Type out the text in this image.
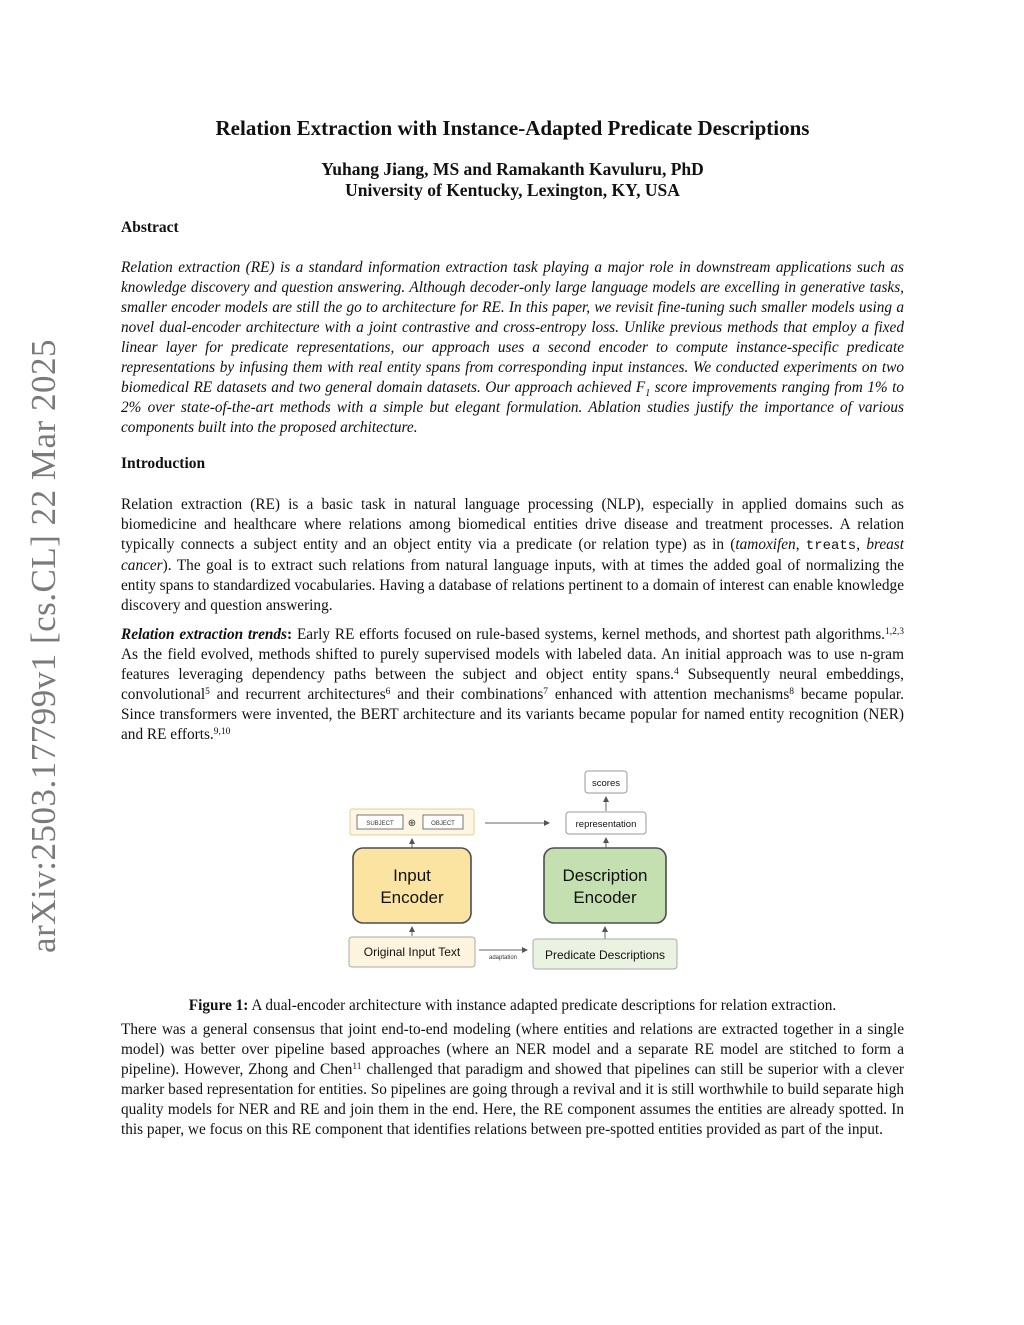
arXiv:2503.17799v1 [cs.CL] 22 Mar 2025
Relation Extraction with Instance-Adapted Predicate Descriptions
Yuhang Jiang, MS and Ramakanth Kavuluru, PhD
University of Kentucky, Lexington, KY, USA
Abstract
Relation extraction (RE) is a standard information extraction task playing a major role in downstream applications such as knowledge discovery and question answering. Although decoder-only large language models are excelling in generative tasks, smaller encoder models are still the go to architecture for RE. In this paper, we revisit fine-tuning such smaller models using a novel dual-encoder architecture with a joint contrastive and cross-entropy loss. Unlike previous methods that employ a fixed linear layer for predicate representations, our approach uses a second encoder to compute instance-specific predicate representations by infusing them with real entity spans from corresponding input instances. We conducted experiments on two biomedical RE datasets and two general domain datasets. Our approach achieved $F_1$ score improvements ranging from 1% to 2% over state-of-the-art methods with a simple but elegant formulation. Ablation studies justify the importance of various components built into the proposed architecture.
Introduction
Relation extraction (RE) is a basic task in natural language processing (NLP), especially in applied domains such as biomedicine and healthcare where relations among biomedical entities drive disease and treatment processes. A relation typically connects a subject entity and an object entity via a predicate (or relation type) as in (tamoxifen, treats, breast cancer). The goal is to extract such relations from natural language inputs, with at times the added goal of normalizing the entity spans to standardized vocabularies. Having a database of relations pertinent to a domain of interest can enable knowledge discovery and question answering.
Relation extraction trends: Early RE efforts focused on rule-based systems, kernel methods, and shortest path algorithms.$^{1,2,3}$ As the field evolved, methods shifted to purely supervised models with labeled data. An initial approach was to use n-gram features leveraging dependency paths between the subject and object entity spans.$^4$ Subsequently neural embeddings, convolutional$^5$ and recurrent architectures$^6$ and their combinations$^7$ enhanced with attention mechanisms$^8$ became popular. Since transformers were invented, the BERT architecture and its variants became popular for named entity recognition (NER) and RE efforts.$^{9,10}$
scores
representation
SUBJECT ⊕ OBJECT
Input
Encoder
Description
Encoder
Original Input Text	adaptation Predicate Descriptions
Figure 1: A dual-encoder architecture with instance adapted predicate descriptions for relation extraction.
There was a general consensus that joint end-to-end modeling (where entities and relations are extracted together in a single model) was better over pipeline based approaches (where an NER model and a separate RE model are stitched to form a pipeline). However, Zhong and Chen$^{11}$ challenged that paradigm and showed that pipelines can still be superior with a clever marker based representation for entities. So pipelines are going through a revival and it is still worthwhile to build separate high quality models for NER and RE and join them in the end. Here, the RE component assumes the entities are already spotted. In this paper, we focus on this RE component that identifies relations between pre-spotted entities provided as part of the input.
